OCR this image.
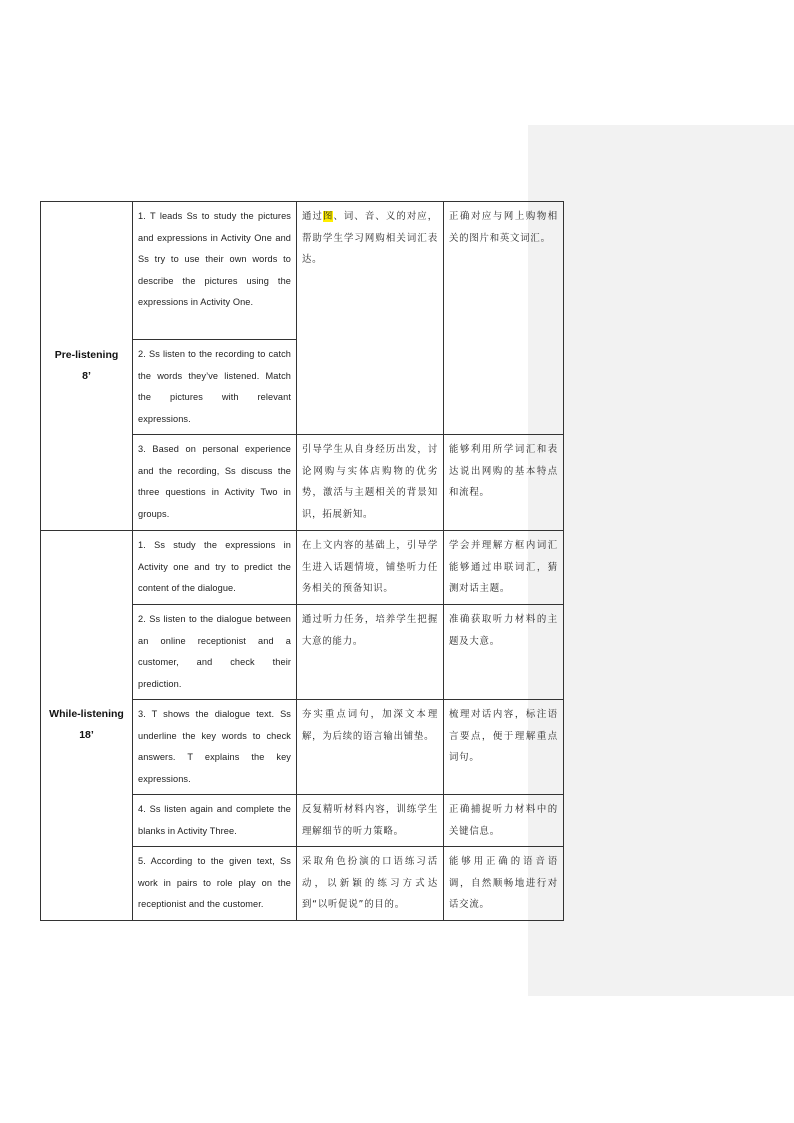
Pre-listening
8’	1. T leads Ss to study the pictures and expressions in Activity One and Ss try to use their own words to describe the pictures using the expressions in Activity One.	通过图、词、音、义的对应，帮助学生学习网购相关词汇表达。	正确对应与网上购物相关的图片和英文词汇。
	2. Ss listen to the recording to catch the words they’ve listened. Match the pictures with relevant expressions.		
	3. Based on personal experience and the recording, Ss discuss the three questions in Activity Two in groups.	引导学生从自身经历出发，讨论网购与实体店购物的优劣势，激活与主题相关的背景知识，拓展新知。	能够利用所学词汇和表达说出网购的基本特点和流程。

While-listening
18’	1. Ss study the expressions in Activity one and try to predict the content of the dialogue.	在上文内容的基础上，引导学生进入话题情境，铺垫听力任务相关的预备知识。	学会并理解方框内词汇能够通过串联词汇，猜测对话主题。
	2. Ss listen to the dialogue between an online receptionist and a customer, and check their prediction.	通过听力任务，培养学生把握大意的能力。	准确获取听力材料的主题及大意。
	3. T shows the dialogue text. Ss underline the key words to check answers. T explains the key expressions.	夯实重点词句，加深文本理解，为后续的语言输出铺垫。	梳理对话内容，标注语言要点，便于理解重点词句。
	4. Ss listen again and complete the blanks in Activity Three.	反复精听材料内容，训练学生理解细节的听力策略。	正确捕捉听力材料中的关键信息。
	5. According to the given text, Ss work in pairs to role play on the receptionist and the customer.	采取角色扮演的口语练习活动，以新颖的练习方式达到“以听促说”的目的。	能够用正确的语音语调，自然顺畅地进行对话交流。
